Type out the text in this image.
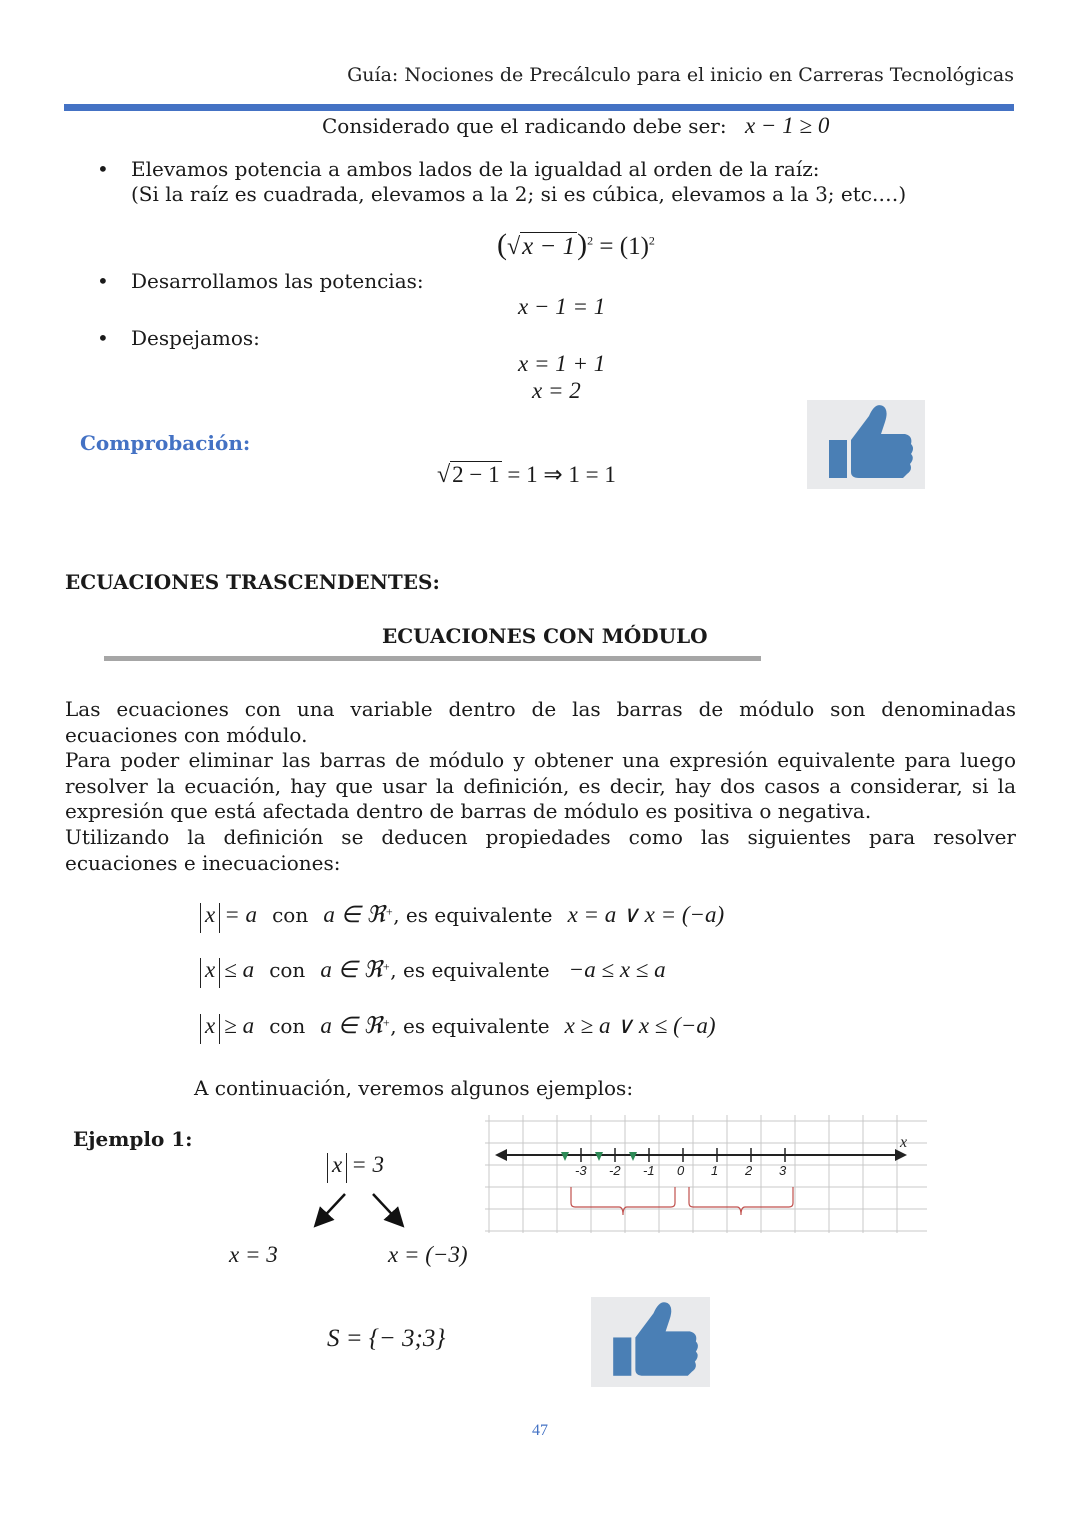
Guía: Nociones de Precálculo para el inicio en Carreras Tecnológicas
Considerado que el radicando debe ser: x − 1 ≥ 0
• Elevamos potencia a ambos lados de la igualdad al orden de la raíz:
(Si la raíz es cuadrada, elevamos a la 2; si es cúbica, elevamos a la 3; etc.…)
$(√x - 1)^2 = (1)^2$
• Desarrollamos las potencias:
x − 1 = 1
• Despejamos:
x = 1 + 1
x = 2
Comprobación:
√2 − 1 = 1 ⇒ 1 = 1
ECUACIONES TRASCENDENTES:
ECUACIONES CON MÓDULO

Las ecuaciones con una variable dentro de las barras de módulo son denominadas ecuaciones con módulo.

Para poder eliminar las barras de módulo y obtener una expresión equivalente para luego resolver la ecuación, hay que usar la definición, es decir, hay dos casos a considerar, si la expresión que está afectada dentro de barras de módulo es positiva o negativa.

Utilizando la definición se deducen propiedades como las siguientes para resolver ecuaciones e inecuaciones:

x = a con a ∈ ℜ+, es equivalente x = a ∨ x = (−a)
x ≤ a con a ∈ ℜ+, es equivalente −a ≤ x ≤ a
x ≥ a con a ∈ ℜ+, es equivalente x ≥ a ∨ x ≤ (−a)
A continuación, veremos algunos ejemplos:
Ejemplo 1:
x = 3
x = 3	x = (−3)
S = {− 3;3}
x
-3 -2 -1 0 1 2 3
47
